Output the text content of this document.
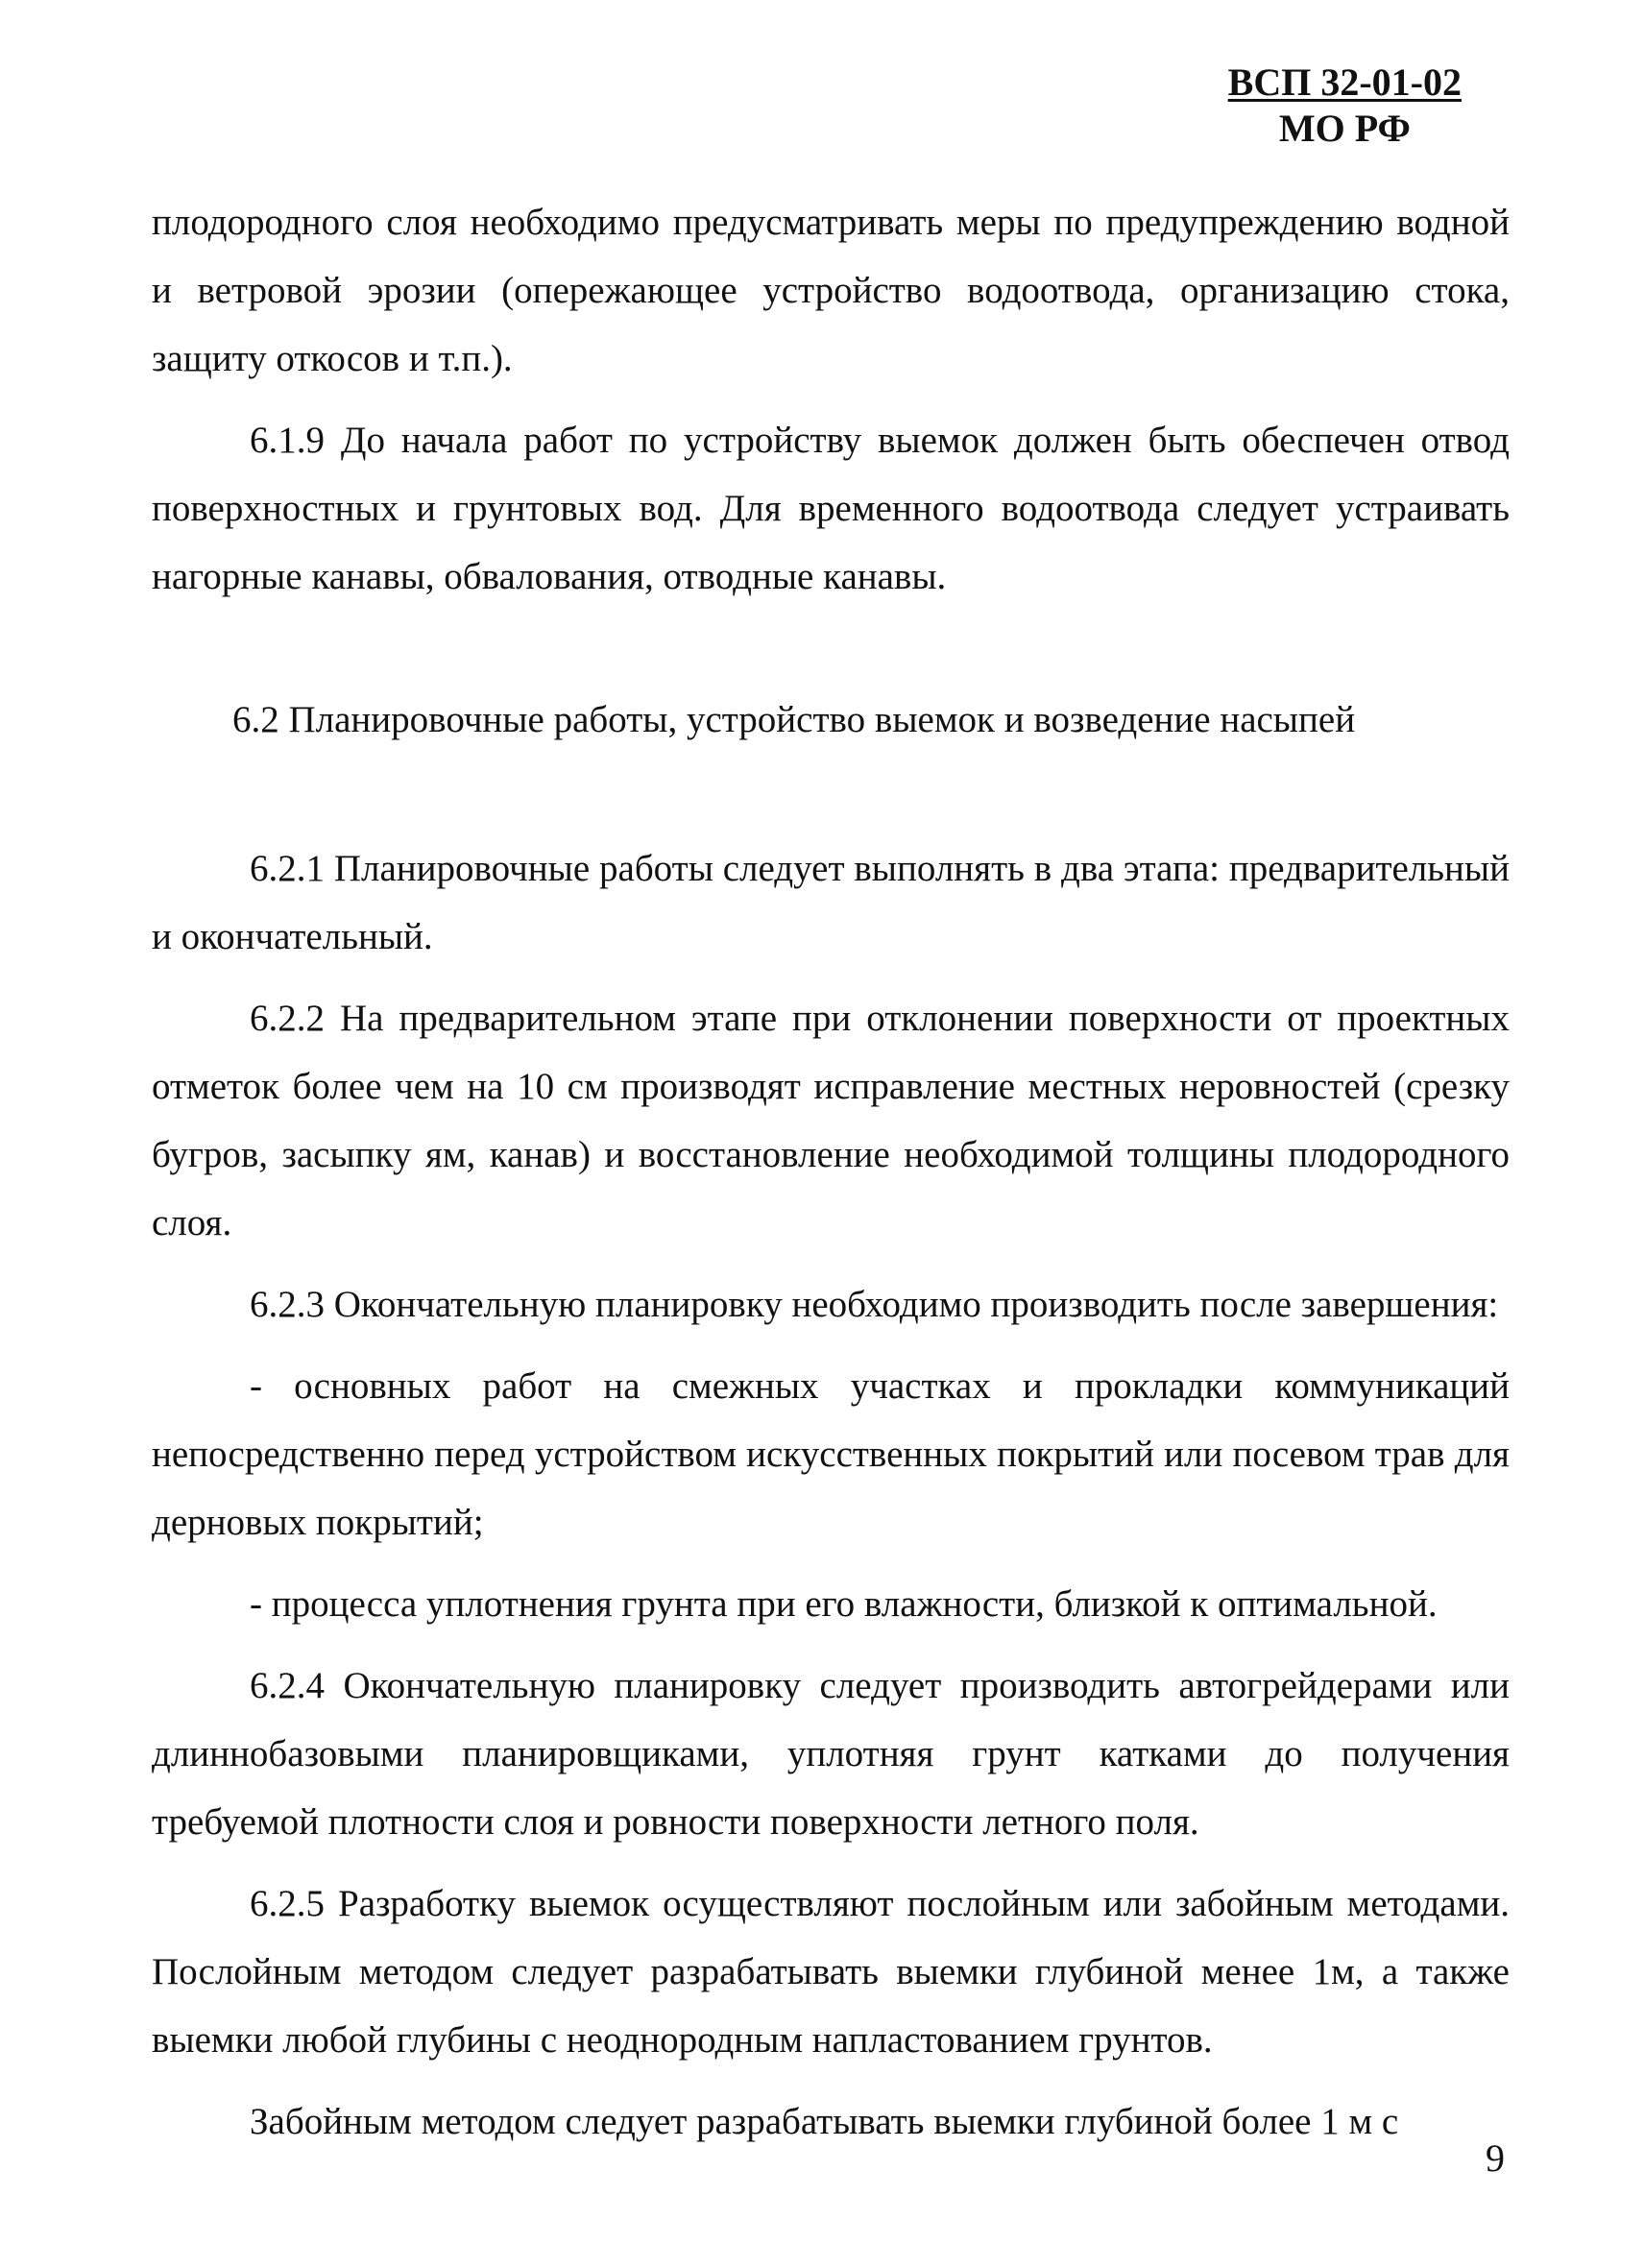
ВСП 32-01-02
МО РФ

плодородного слоя необходимо предусматривать меры по предупреждению водной и ветровой эрозии (опережающее устройство водоотвода, организацию стока, защиту откосов и т.п.).

6.1.9 До начала работ по устройству выемок должен быть обеспечен отвод поверхностных и грунтовых вод. Для временного водоотвода следует устраивать нагорные канавы, обвалования, отводные канавы.

6.2 Планировочные работы, устройство выемок и возведение насыпей

6.2.1 Планировочные работы следует выполнять в два этапа: предварительный и окончательный.

6.2.2 На предварительном этапе при отклонении поверхности от проектных отметок более чем на 10 см производят исправление местных неровностей (срезку бугров, засыпку ям, канав) и восстановление необходимой толщины плодородного слоя.

6.2.3 Окончательную планировку необходимо производить после завершения:

- основных работ на смежных участках и прокладки коммуникаций непосредственно перед устройством искусственных покрытий или посевом трав для дерновых покрытий;

- процесса уплотнения грунта при его влажности, близкой к оптимальной.

6.2.4 Окончательную планировку следует производить автогрейдерами или длиннобазовыми планировщиками, уплотняя грунт катками до получения требуемой плотности слоя и ровности поверхности летного поля.

6.2.5 Разработку выемок осуществляют послойным или забойным методами. Послойным методом следует разрабатывать выемки глубиной менее 1м, а также выемки любой глубины с неоднородным напластованием грунтов.

Забойным методом следует разрабатывать выемки глубиной более 1 м с

9
